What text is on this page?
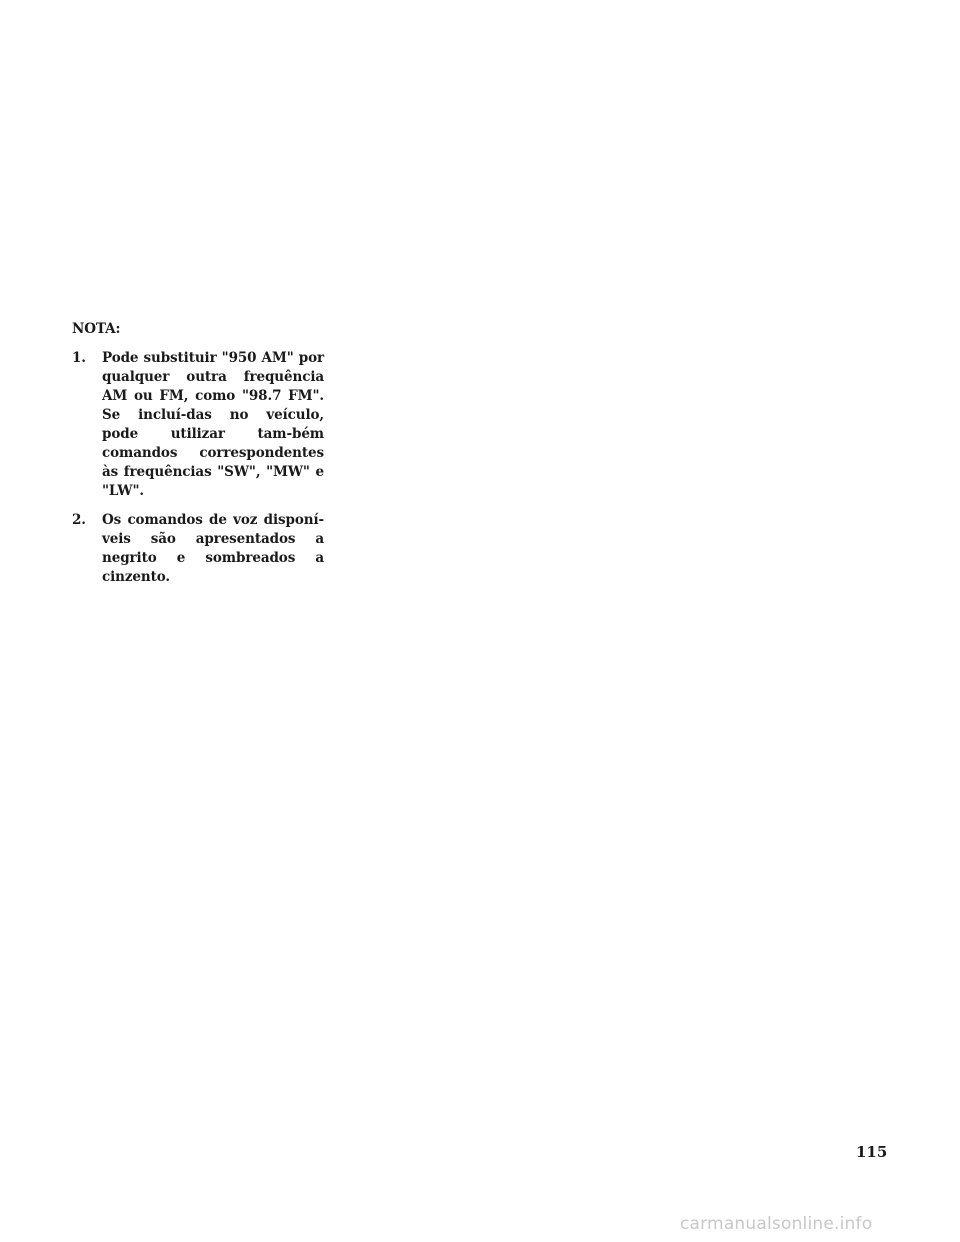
NOTA:

1. Pode substituir "950 AM" por qualquer outra frequência AM ou FM, como "98.7 FM". Se incluí-das no veículo, pode utilizar tam-bém comandos correspondentes às frequências "SW", "MW" e "LW".
2. Os comandos de voz disponí-veis são apresentados a negrito e sombreados a cinzento.
115
carmanualsonline.info
